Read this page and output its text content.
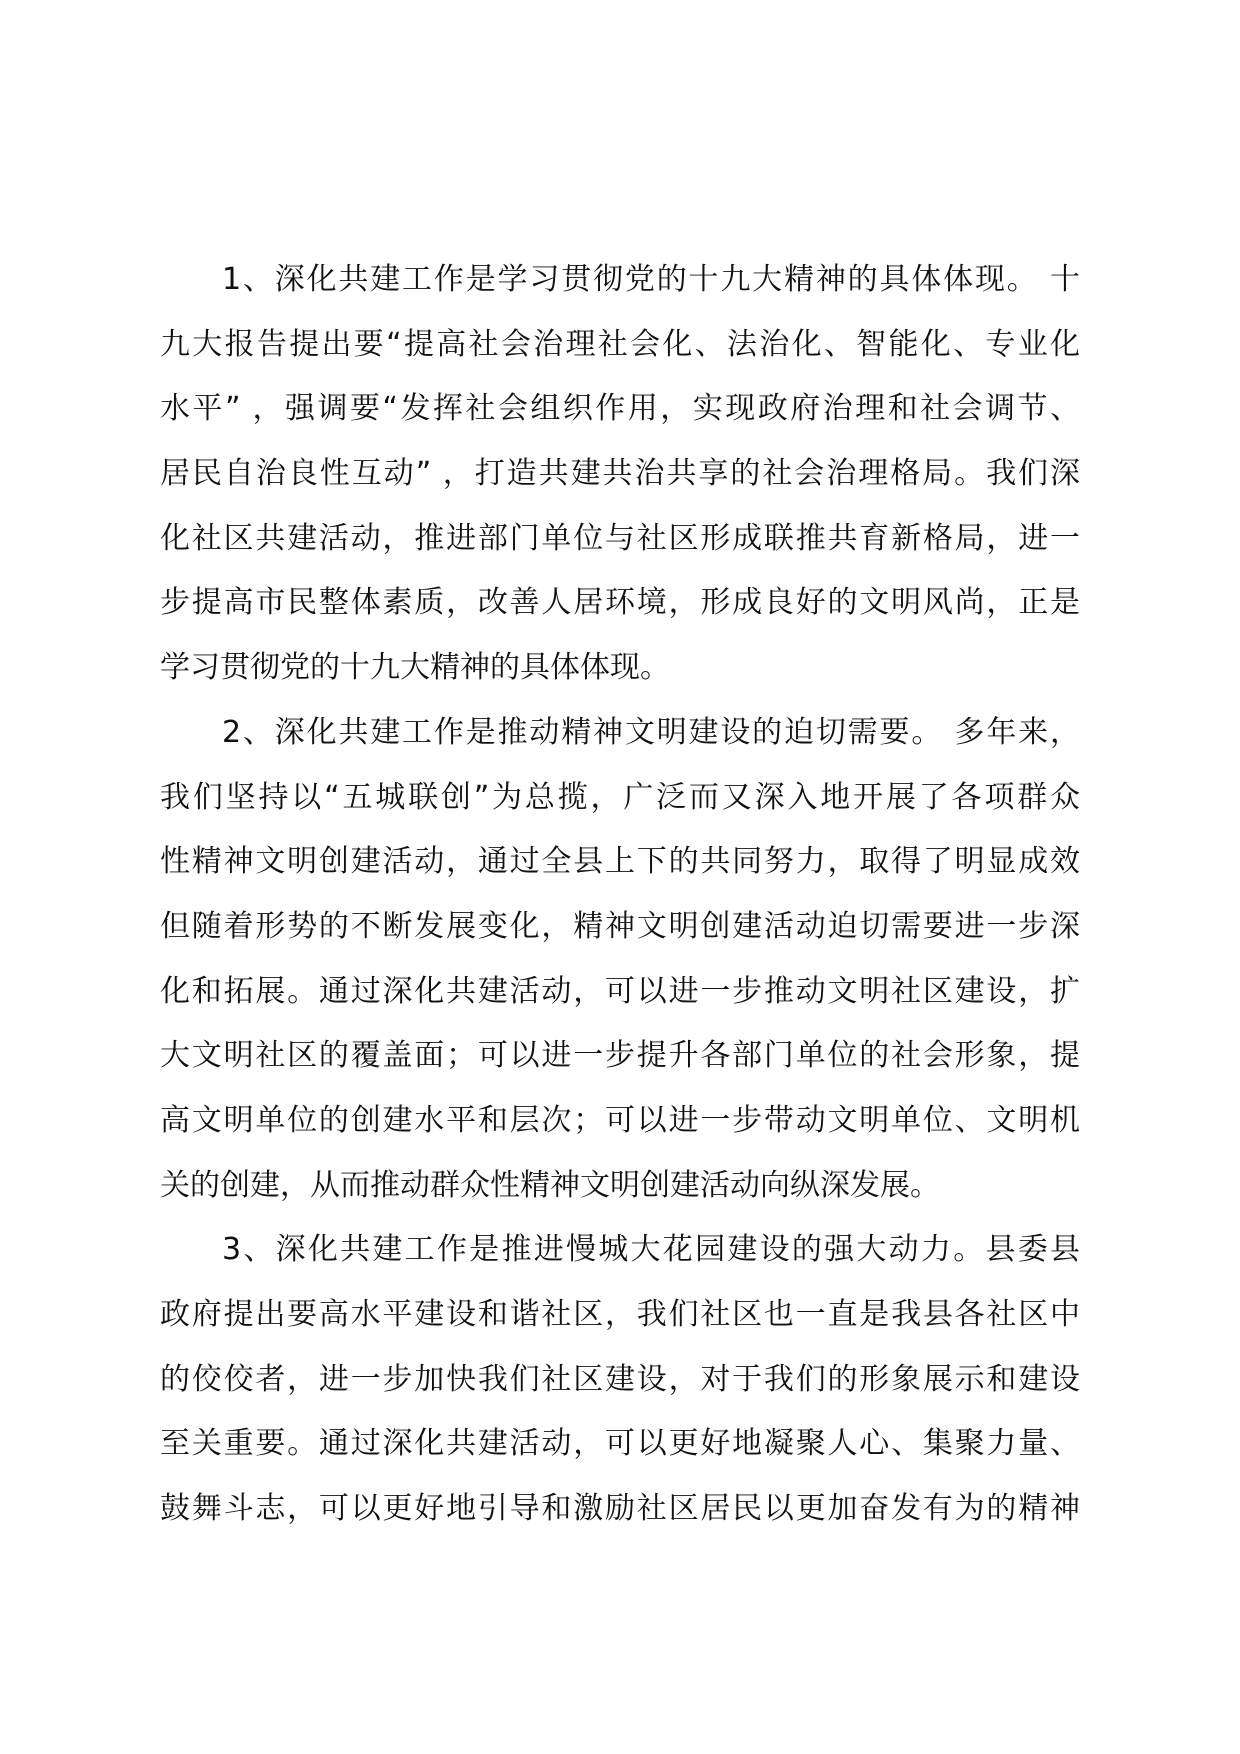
1、深化共建工作是学习贯彻党的十九大精神的具体体现。 十
九大报告提出要“提高社会治理社会化、法治化、智能化、专业化
水平” ，强调要“发挥社会组织作用，实现政府治理和社会调节、
居民自治良性互动” ，打造共建共治共享的社会治理格局。我们深
化社区共建活动，推进部门单位与社区形成联推共育新格局，进一
步提高市民整体素质，改善人居环境，形成良好的文明风尚，正是
学习贯彻党的十九大精神的具体体现。
2、深化共建工作是推动精神文明建设的迫切需要。 多年来，
我们坚持以“五城联创”为总揽，广泛而又深入地开展了各项群众
性精神文明创建活动，通过全县上下的共同努力，取得了明显成效
但随着形势的不断发展变化，精神文明创建活动迫切需要进一步深
化和拓展。通过深化共建活动，可以进一步推动文明社区建设，扩
大文明社区的覆盖面；可以进一步提升各部门单位的社会形象，提
高文明单位的创建水平和层次；可以进一步带动文明单位、文明机
关的创建，从而推动群众性精神文明创建活动向纵深发展。
3、深化共建工作是推进慢城大花园建设的强大动力。县委县
政府提出要高水平建设和谐社区，我们社区也一直是我县各社区中
的佼佼者，进一步加快我们社区建设，对于我们的形象展示和建设
至关重要。通过深化共建活动，可以更好地凝聚人心、集聚力量、
鼓舞斗志，可以更好地引导和激励社区居民以更加奋发有为的精神
